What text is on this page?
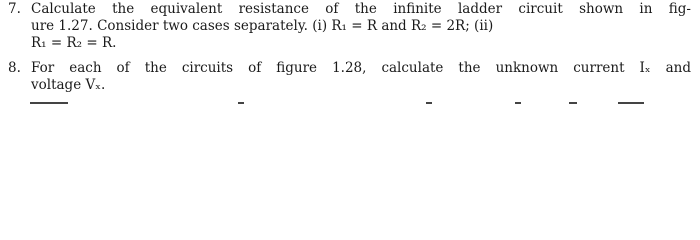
7. Calculate the equivalent resistance of the infinite ladder circuit shown in fig-
ure 1.27. Consider two cases separately. (i) R₁ = R and R₂ = 2R; (ii)
R₁ = R₂ = R.
8. For each of the circuits of figure 1.28, calculate the unknown current Iₓ and
voltage Vₓ.
